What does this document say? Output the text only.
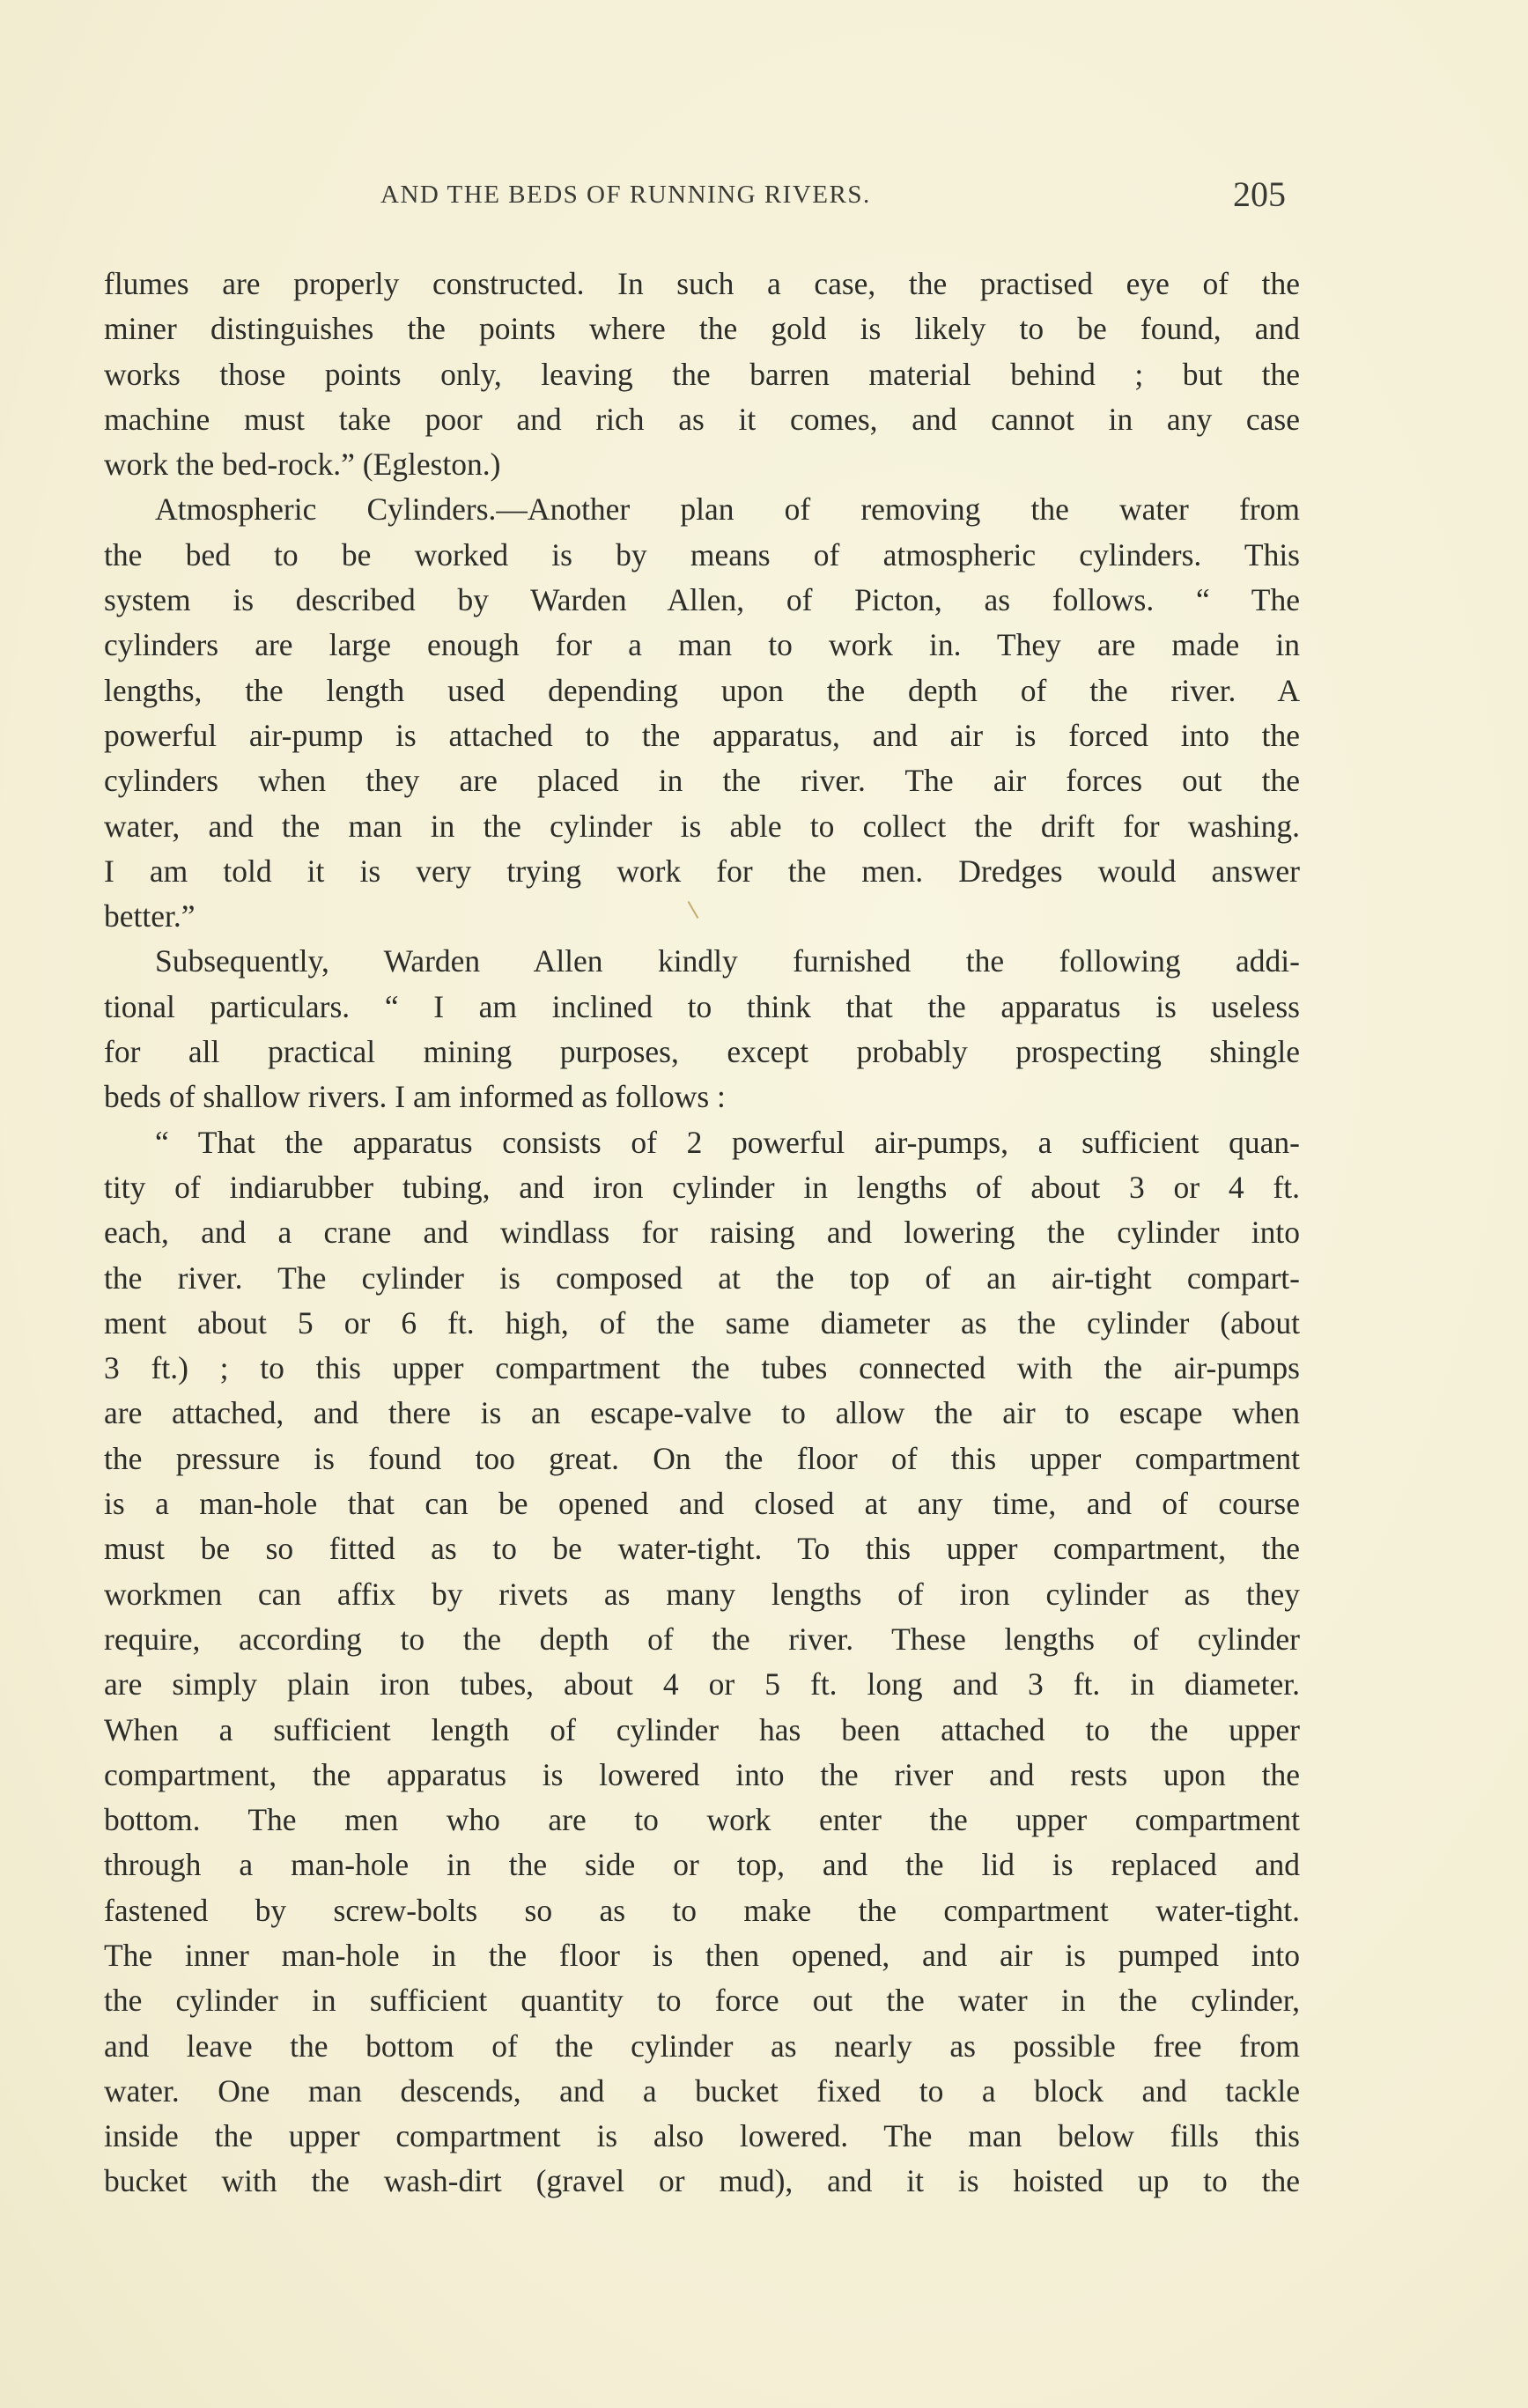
AND THE BEDS OF RUNNING RIVERS.	205
flumes are properly constructed. In such a case, the practised eye of the
miner distinguishes the points where the gold is likely to be found, and
works those points only, leaving the barren material behind ; but the
machine must take poor and rich as it comes, and cannot in any case
work the bed-rock.” (Egleston.)
Atmospheric Cylinders.—Another plan of removing the water from
the bed to be worked is by means of atmospheric cylinders. This
system is described by Warden Allen, of Picton, as follows. “ The
cylinders are large enough for a man to work in. They are made in
lengths, the length used depending upon the depth of the river. A
powerful air-pump is attached to the apparatus, and air is forced into the
cylinders when they are placed in the river. The air forces out the
water, and the man in the cylinder is able to collect the drift for washing.
I am told it is very trying work for the men. Dredges would answer
better.”
Subsequently, Warden Allen kindly furnished the following addi-
tional particulars. “ I am inclined to think that the apparatus is useless
for all practical mining purposes, except probably prospecting shingle
beds of shallow rivers. I am informed as follows :
“ That the apparatus consists of 2 powerful air-pumps, a sufficient quan-
tity of indiarubber tubing, and iron cylinder in lengths of about 3 or 4 ft.
each, and a crane and windlass for raising and lowering the cylinder into
the river. The cylinder is composed at the top of an air-tight compart-
ment about 5 or 6 ft. high, of the same diameter as the cylinder (about
3 ft.) ; to this upper compartment the tubes connected with the air-pumps
are attached, and there is an escape-valve to allow the air to escape when
the pressure is found too great. On the floor of this upper compartment
is a man-hole that can be opened and closed at any time, and of course
must be so fitted as to be water-tight. To this upper compartment, the
workmen can affix by rivets as many lengths of iron cylinder as they
require, according to the depth of the river. These lengths of cylinder
are simply plain iron tubes, about 4 or 5 ft. long and 3 ft. in diameter.
When a sufficient length of cylinder has been attached to the upper
compartment, the apparatus is lowered into the river and rests upon the
bottom. The men who are to work enter the upper compartment
through a man-hole in the side or top, and the lid is replaced and
fastened by screw-bolts so as to make the compartment water-tight.
The inner man-hole in the floor is then opened, and air is pumped into
the cylinder in sufficient quantity to force out the water in the cylinder,
and leave the bottom of the cylinder as nearly as possible free from
water. One man descends, and a bucket fixed to a block and tackle
inside the upper compartment is also lowered. The man below fills this
bucket with the wash-dirt (gravel or mud), and it is hoisted up to the
